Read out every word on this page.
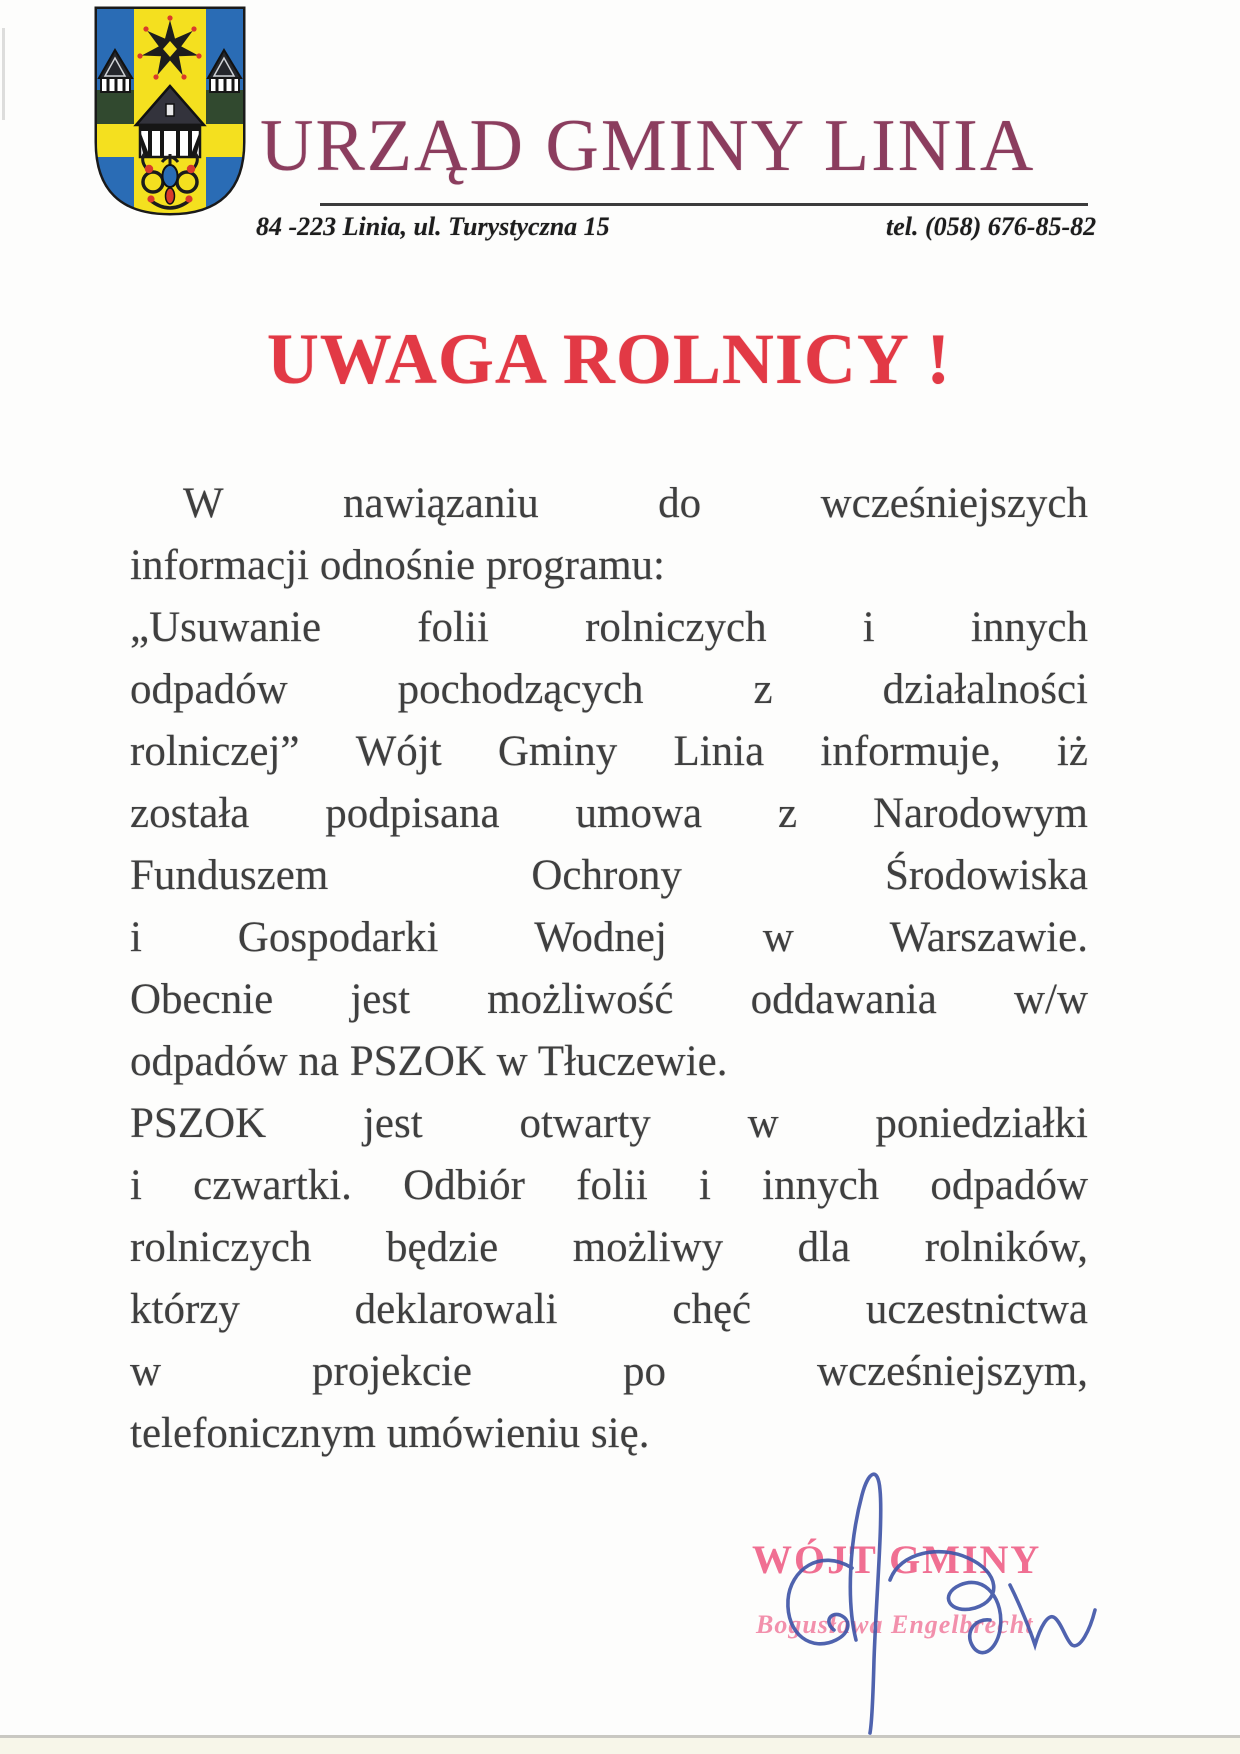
URZĄD GMINY LINIA
84 -223 Linia, ul. Turystyczna 15	tel. (058) 676-85-82
UWAGA ROLNICY !
W	nawiązaniu	do	wcześniejszych
informacji odnośnie programu:
„Usuwanie folii rolniczych i innych
odpadów	pochodzących	z	działalności
rolniczej” Wójt Gminy Linia informuje, iż
została podpisana umowa z Narodowym
Funduszem	Ochrony	Środowiska
i Gospodarki Wodnej w Warszawie.
Obecnie jest możliwość oddawania w/w
odpadów na PSZOK w Tłuczewie.
PSZOK jest otwarty w poniedziałki
i czwartki. Odbiór folii i innych odpadów
rolniczych będzie możliwy dla rolników,
którzy	deklarowali	chęć	uczestnictwa
w	projekcie	po	wcześniejszym,
telefonicznym umówieniu się.
WÓJT GMINY
Bogusława Engelbrecht
